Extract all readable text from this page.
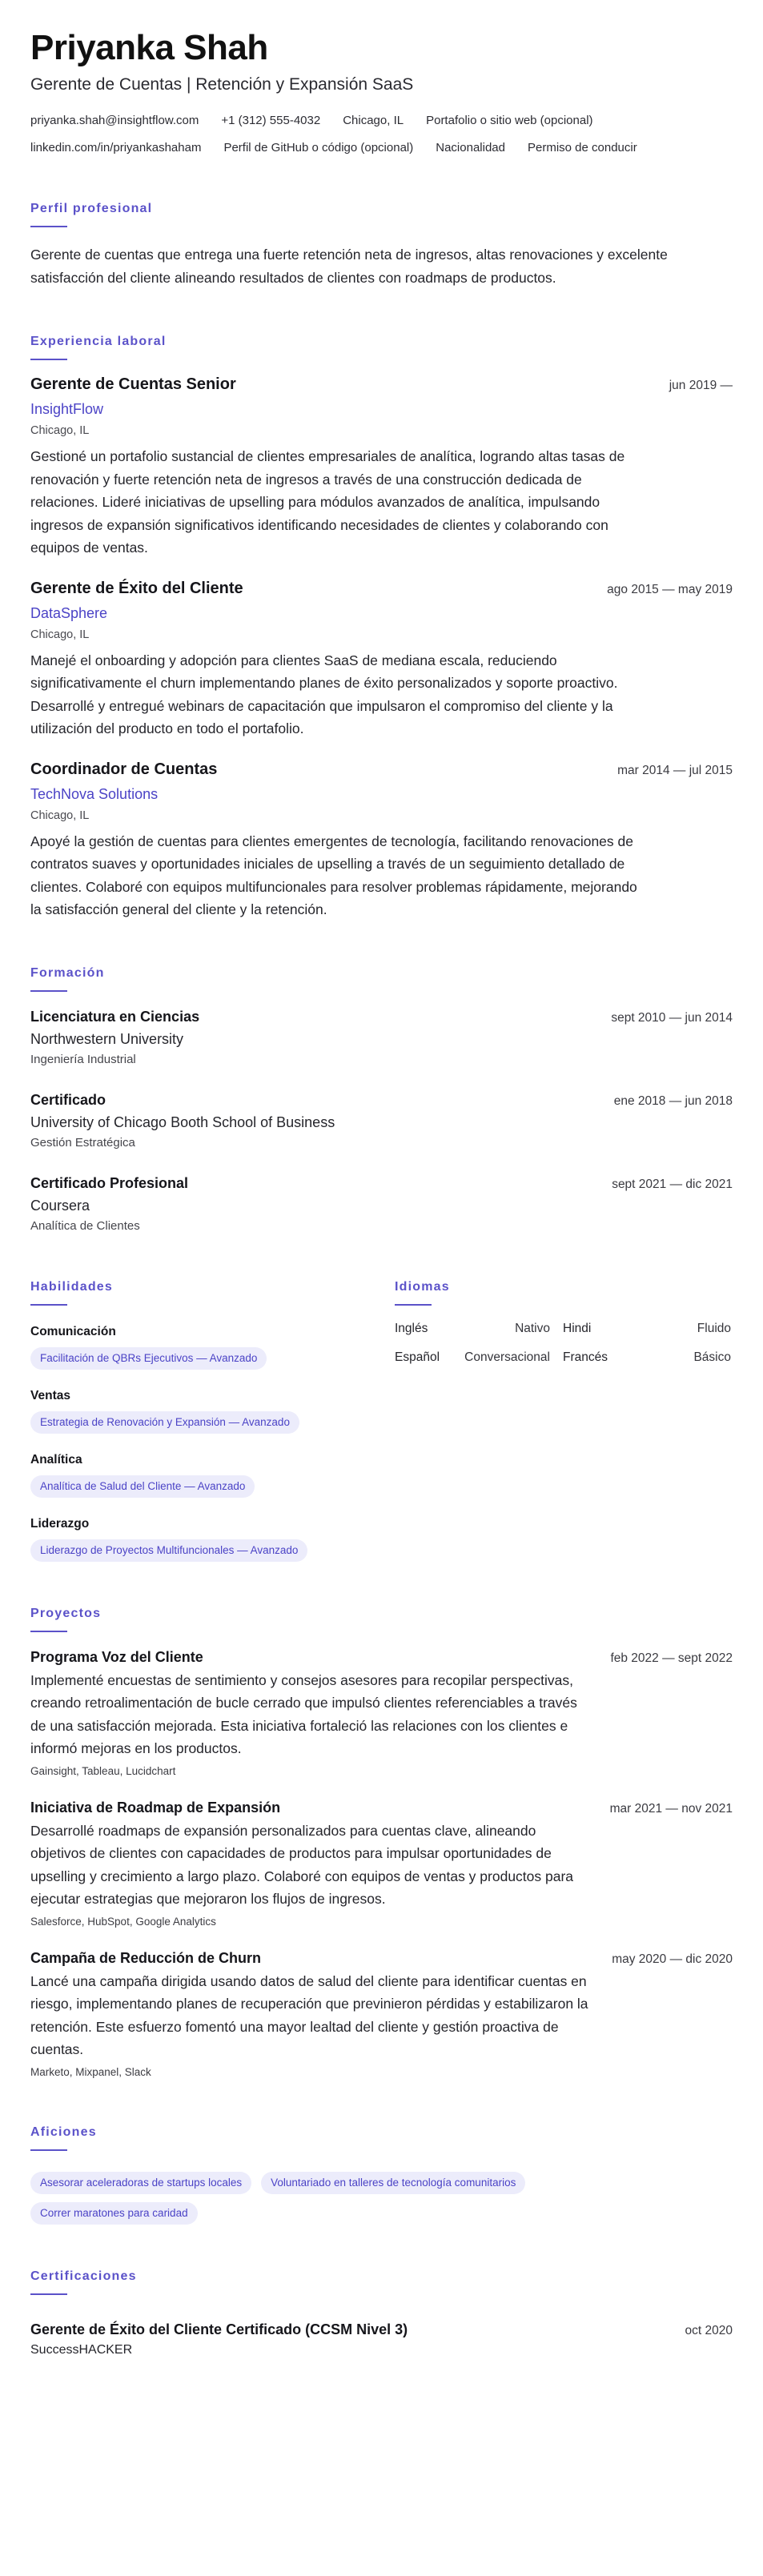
Priyanka Shah
Gerente de Cuentas | Retención y Expansión SaaS
priyanka.shah@insightflow.com +1 (312) 555-4032 Chicago, IL Portafolio o sitio web (opcional)
linkedin.com/in/priyankashaham Perfil de GitHub o código (opcional) Nacionalidad Permiso de conducir
Perfil profesional

Gerente de cuentas que entrega una fuerte retención neta de ingresos, altas renovaciones y excelente satisfacción del cliente alineando resultados de clientes con roadmaps de productos.

Experiencia laboral
Gerente de Cuentas Senior	jun 2019 —
InsightFlow
Chicago, IL

Gestioné un portafolio sustancial de clientes empresariales de analítica, logrando altas tasas de renovación y fuerte retención neta de ingresos a través de una construcción dedicada de relaciones. Lideré iniciativas de upselling para módulos avanzados de analítica, impulsando ingresos de expansión significativos identificando necesidades de clientes y colaborando con equipos de ventas.

Gerente de Éxito del Cliente	ago 2015 — may 2019
DataSphere
Chicago, IL

Manejé el onboarding y adopción para clientes SaaS de mediana escala, reduciendo significativamente el churn implementando planes de éxito personalizados y soporte proactivo. Desarrollé y entregué webinars de capacitación que impulsaron el compromiso del cliente y la utilización del producto en todo el portafolio.

Coordinador de Cuentas	mar 2014 — jul 2015
TechNova Solutions
Chicago, IL

Apoyé la gestión de cuentas para clientes emergentes de tecnología, facilitando renovaciones de contratos suaves y oportunidades iniciales de upselling a través de un seguimiento detallado de clientes. Colaboré con equipos multifuncionales para resolver problemas rápidamente, mejorando la satisfacción general del cliente y la retención.

Formación
Licenciatura en Ciencias	sept 2010 — jun 2014
Northwestern University
Ingeniería Industrial
Certificado	ene 2018 — jun 2018
University of Chicago Booth School of Business
Gestión Estratégica
Certificado Profesional	sept 2021 — dic 2021
Coursera
Analítica de Clientes
Habilidades
Comunicación
Facilitación de QBRs Ejecutivos — Avanzado
Ventas
Estrategia de Renovación y Expansión — Avanzado
Analítica
Analítica de Salud del Cliente — Avanzado
Liderazgo
Liderazgo de Proyectos Multifuncionales — Avanzado
Idiomas
Inglés	Nativo Hindi	Fluido
Español Conversacional Francés	Básico
Proyectos
Programa Voz del Cliente	feb 2022 — sept 2022

Implementé encuestas de sentimiento y consejos asesores para recopilar perspectivas, creando retroalimentación de bucle cerrado que impulsó clientes referenciables a través de una satisfacción mejorada. Esta iniciativa fortaleció las relaciones con los clientes e informó mejoras en los productos.

Gainsight, Tableau, Lucidchart
Iniciativa de Roadmap de Expansión	mar 2021 — nov 2021

Desarrollé roadmaps de expansión personalizados para cuentas clave, alineando objetivos de clientes con capacidades de productos para impulsar oportunidades de upselling y crecimiento a largo plazo. Colaboré con equipos de ventas y productos para ejecutar estrategias que mejoraron los flujos de ingresos.

Salesforce, HubSpot, Google Analytics
Campaña de Reducción de Churn	may 2020 — dic 2020

Lancé una campaña dirigida usando datos de salud del cliente para identificar cuentas en riesgo, implementando planes de recuperación que previnieron pérdidas y estabilizaron la retención. Este esfuerzo fomentó una mayor lealtad del cliente y gestión proactiva de cuentas.

Marketo, Mixpanel, Slack
Aficiones
Asesorar aceleradoras de startups locales	Voluntariado en talleres de tecnología comunitarios
Correr maratones para caridad
Certificaciones
Gerente de Éxito del Cliente Certificado (CCSM Nivel 3)	oct 2020
SuccessHACKER
